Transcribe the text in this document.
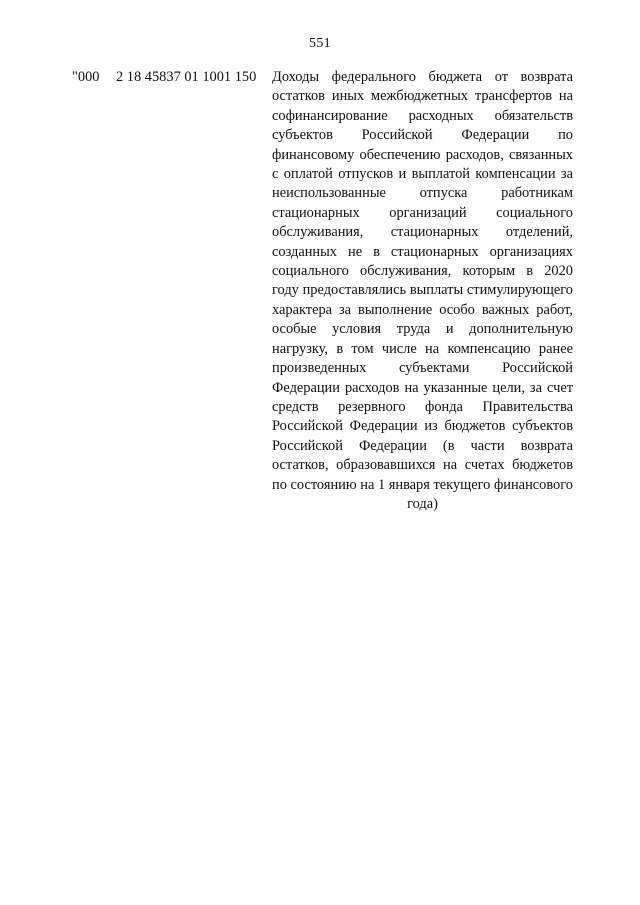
551
"000 2 18 45837 01 1001 150 Доходы федерального бюджета от возврата остатков иных межбюджетных трансфертов на софинансирование расходных обязательств субъектов Российской Федерации по финансовому обеспечению расходов, связанных с оплатой отпусков и выплатой компенсации за неиспользованные отпуска работникам стационарных организаций социального обслуживания, стационарных отделений, созданных не в стационарных организациях социального обслуживания, которым в 2020 году предоставлялись выплаты стимулирующего характера за выполнение особо важных работ, особые условия труда и дополнительную нагрузку, в том числе на компенсацию ранее произведенных субъектами Российской Федерации расходов на указанные цели, за счет средств резервного фонда Правительства Российской Федерации из бюджетов субъектов Российской Федерации (в части возврата остатков, образовавшихся на счетах бюджетов по состоянию на 1 января текущего финансового года)
